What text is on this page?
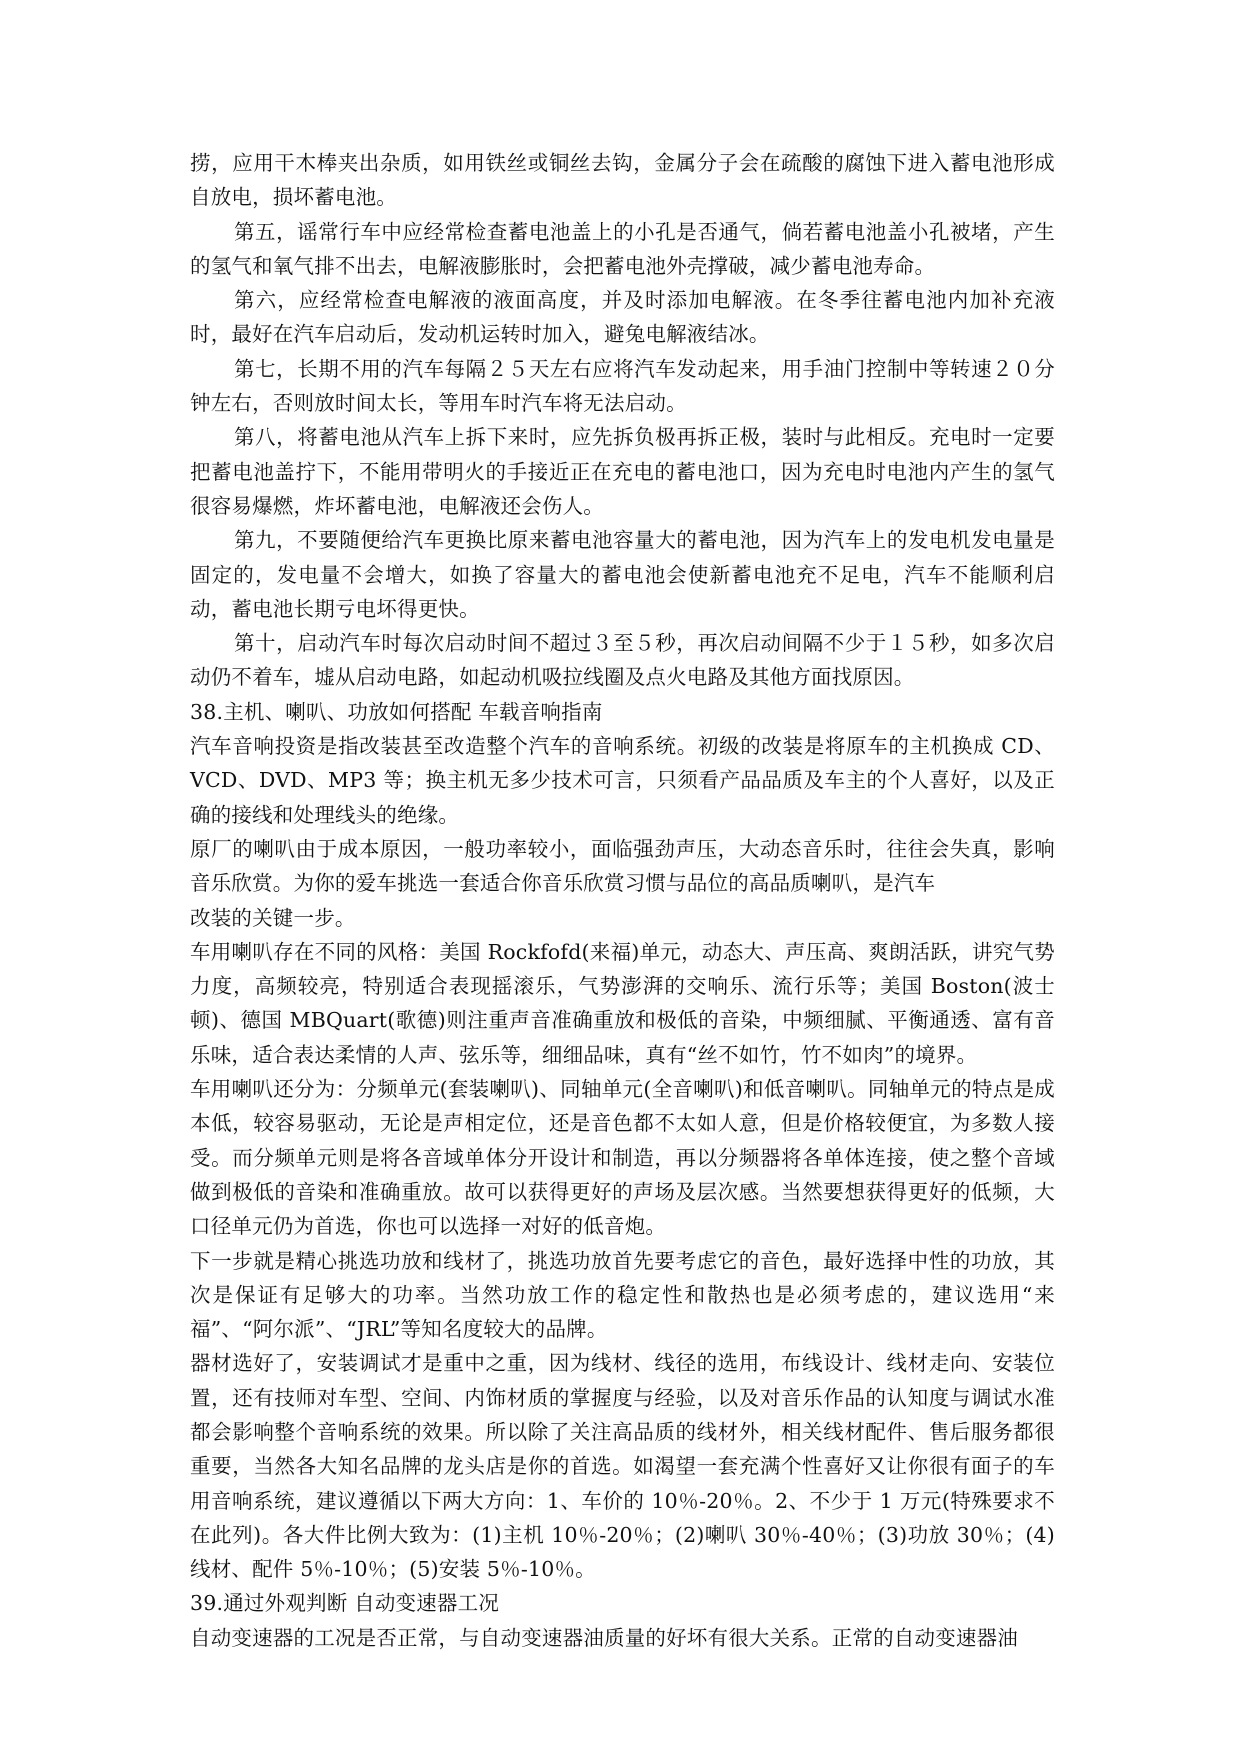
捞，应用干木棒夹出杂质，如用铁丝或铜丝去钩，金属分子会在疏酸的腐蚀下进入蓄电池形成自放电，损坏蓄电池。

第五，谣常行车中应经常检查蓄电池盖上的小孔是否通气，倘若蓄电池盖小孔被堵，产生的氢气和氧气排不出去，电解液膨胀时，会把蓄电池外壳撑破，减少蓄电池寿命。

第六，应经常检查电解液的液面高度，并及时添加电解液。在冬季往蓄电池内加补充液时，最好在汽车启动后，发动机运转时加入，避兔电解液结冰。

第七，长期不用的汽车每隔２５天左右应将汽车发动起来，用手油门控制中等转速２０分钟左右，否则放时间太长，等用车时汽车将无法启动。

第八，将蓄电池从汽车上拆下来时，应先拆负极再拆正极，装时与此相反。充电时一定要把蓄电池盖拧下，不能用带明火的手接近正在充电的蓄电池口，因为充电时电池内产生的氢气很容易爆燃，炸坏蓄电池，电解液还会伤人。

第九，不要随便给汽车更换比原来蓄电池容量大的蓄电池，因为汽车上的发电机发电量是固定的，发电量不会增大，如换了容量大的蓄电池会使新蓄电池充不足电，汽车不能顺利启动，蓄电池长期亏电坏得更快。

第十，启动汽车时每次启动时间不超过３至５秒，再次启动间隔不少于１５秒，如多次启动仍不着车，墟从启动电路，如起动机吸拉线圈及点火电路及其他方面找原因。

38.主机、喇叭、功放如何搭配 车载音响指南

汽车音响投资是指改装甚至改造整个汽车的音响系统。初级的改装是将原车的主机换成 CD、VCD、DVD、MP3 等；换主机无多少技术可言，只须看产品品质及车主的个人喜好，以及正确的接线和处理线头的绝缘。

原厂的喇叭由于成本原因，一般功率较小，面临强劲声压，大动态音乐时，往往会失真，影响音乐欣赏。为你的爱车挑选一套适合你音乐欣赏习惯与品位的高品质喇叭，是汽车

改装的关键一步。

车用喇叭存在不同的风格：美国 Rockfofd(来福)单元，动态大、声压高、爽朗活跃，讲究气势力度，高频较亮，特别适合表现摇滚乐，气势澎湃的交响乐、流行乐等；美国 Boston(波士顿)、德国 MBQuart(歌德)则注重声音准确重放和极低的音染，中频细腻、平衡通透、富有音乐味，适合表达柔情的人声、弦乐等，细细品味，真有“丝不如竹，竹不如肉”的境界。

车用喇叭还分为：分频单元(套装喇叭)、同轴单元(全音喇叭)和低音喇叭。同轴单元的特点是成本低，较容易驱动，无论是声相定位，还是音色都不太如人意，但是价格较便宜，为多数人接受。而分频单元则是将各音域单体分开设计和制造，再以分频器将各单体连接，使之整个音域做到极低的音染和准确重放。故可以获得更好的声场及层次感。当然要想获得更好的低频，大口径单元仍为首选，你也可以选择一对好的低音炮。

下一步就是精心挑选功放和线材了，挑选功放首先要考虑它的音色，最好选择中性的功放，其次是保证有足够大的功率。当然功放工作的稳定性和散热也是必须考虑的，建议选用“来福”、“阿尔派”、“JRL”等知名度较大的品牌。

器材选好了，安装调试才是重中之重，因为线材、线径的选用，布线设计、线材走向、安装位置，还有技师对车型、空间、内饰材质的掌握度与经验，以及对音乐作品的认知度与调试水准都会影响整个音响系统的效果。所以除了关注高品质的线材外，相关线材配件、售后服务都很重要，当然各大知名品牌的龙头店是你的首选。如渴望一套充满个性喜好又让你很有面子的车用音响系统，建议遵循以下两大方向：1、车价的 10％-20％。2、不少于 1 万元(特殊要求不在此列)。各大件比例大致为：(1)主机 10％-20％；(2)喇叭 30％-40％；(3)功放 30％；(4)线材、配件 5％-10％；(5)安装 5％-10％。

39.通过外观判断 自动变速器工况

自动变速器的工况是否正常，与自动变速器油质量的好坏有很大关系。正常的自动变速器油
